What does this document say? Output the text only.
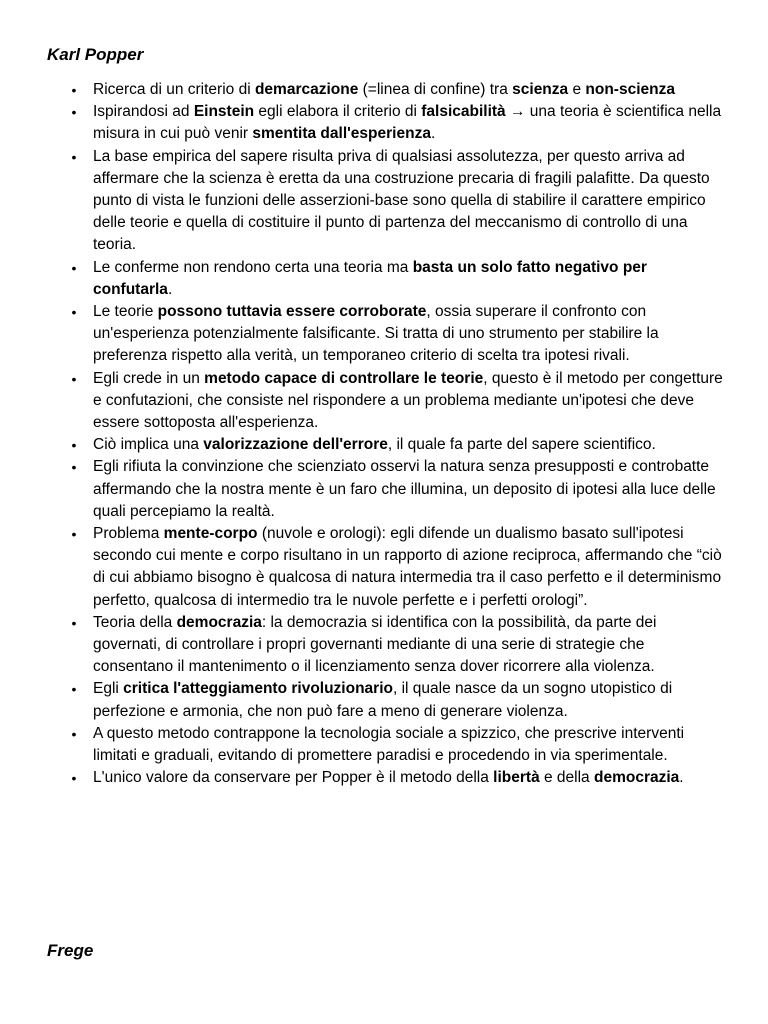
Karl Popper
• Ricerca di un criterio di demarcazione (=linea di confine) tra scienza e non-scienza
• Ispirandosi ad Einstein egli elabora il criterio di falsicabilità → una teoria è scientifica nella misura in cui può venir smentita dall'esperienza.
• La base empirica del sapere risulta priva di qualsiasi assolutezza, per questo arriva ad affermare che la scienza è eretta da una costruzione precaria di fragili palafitte. Da questo punto di vista le funzioni delle asserzioni-base sono quella di stabilire il carattere empirico delle teorie e quella di costituire il punto di partenza del meccanismo di controllo di una teoria.
• Le conferme non rendono certa una teoria ma basta un solo fatto negativo per confutarla.
• Le teorie possono tuttavia essere corroborate, ossia superare il confronto con un'esperienza potenzialmente falsificante. Si tratta di uno strumento per stabilire la preferenza rispetto alla verità, un temporaneo criterio di scelta tra ipotesi rivali.
• Egli crede in un metodo capace di controllare le teorie, questo è il metodo per congetture e confutazioni, che consiste nel rispondere a un problema mediante un'ipotesi che deve essere sottoposta all'esperienza.
• Ciò implica una valorizzazione dell'errore, il quale fa parte del sapere scientifico.
• Egli rifiuta la convinzione che scienziato osservi la natura senza presupposti e controbatte affermando che la nostra mente è un faro che illumina, un deposito di ipotesi alla luce delle quali percepiamo la realtà.
• Problema mente-corpo (nuvole e orologi): egli difende un dualismo basato sull'ipotesi secondo cui mente e corpo risultano in un rapporto di azione reciproca, affermando che “ciò di cui abbiamo bisogno è qualcosa di natura intermedia tra il caso perfetto e il determinismo perfetto, qualcosa di intermedio tra le nuvole perfette e i perfetti orologi”.
• Teoria della democrazia: la democrazia si identifica con la possibilità, da parte dei governati, di controllare i propri governanti mediante di una serie di strategie che consentano il mantenimento o il licenziamento senza dover ricorrere alla violenza.
• Egli critica l'atteggiamento rivoluzionario, il quale nasce da un sogno utopistico di perfezione e armonia, che non può fare a meno di generare violenza.
• A questo metodo contrappone la tecnologia sociale a spizzico, che prescrive interventi limitati e graduali, evitando di promettere paradisi e procedendo in via sperimentale.
• L'unico valore da conservare per Popper è il metodo della libertà e della democrazia.
Frege
